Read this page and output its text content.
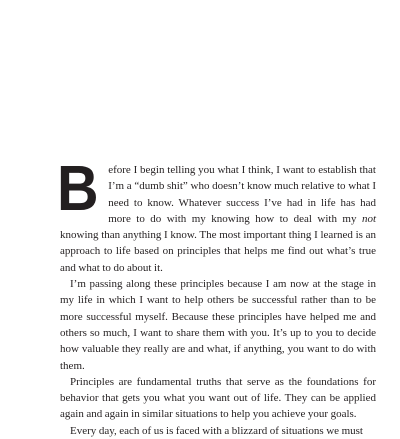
Before I begin telling you what I think, I want to establish that I’m a “dumb shit” who doesn’t know much relative to what I need to know. Whatever success I’ve had in life has had more to do with my knowing how to deal with my not knowing than anything I know. The most important thing I learned is an approach to life based on principles that helps me find out what’s true and what to do about it.

I’m passing along these principles because I am now at the stage in my life in which I want to help others be successful rather than to be more successful myself. Because these principles have helped me and others so much, I want to share them with you. It’s up to you to decide how valuable they really are and what, if anything, you want to do with them.

Principles are fundamental truths that serve as the foundations for behavior that gets you what you want out of life. They can be applied again and again in similar situations to help you achieve your goals.

Every day, each of us is faced with a blizzard of situations we must
